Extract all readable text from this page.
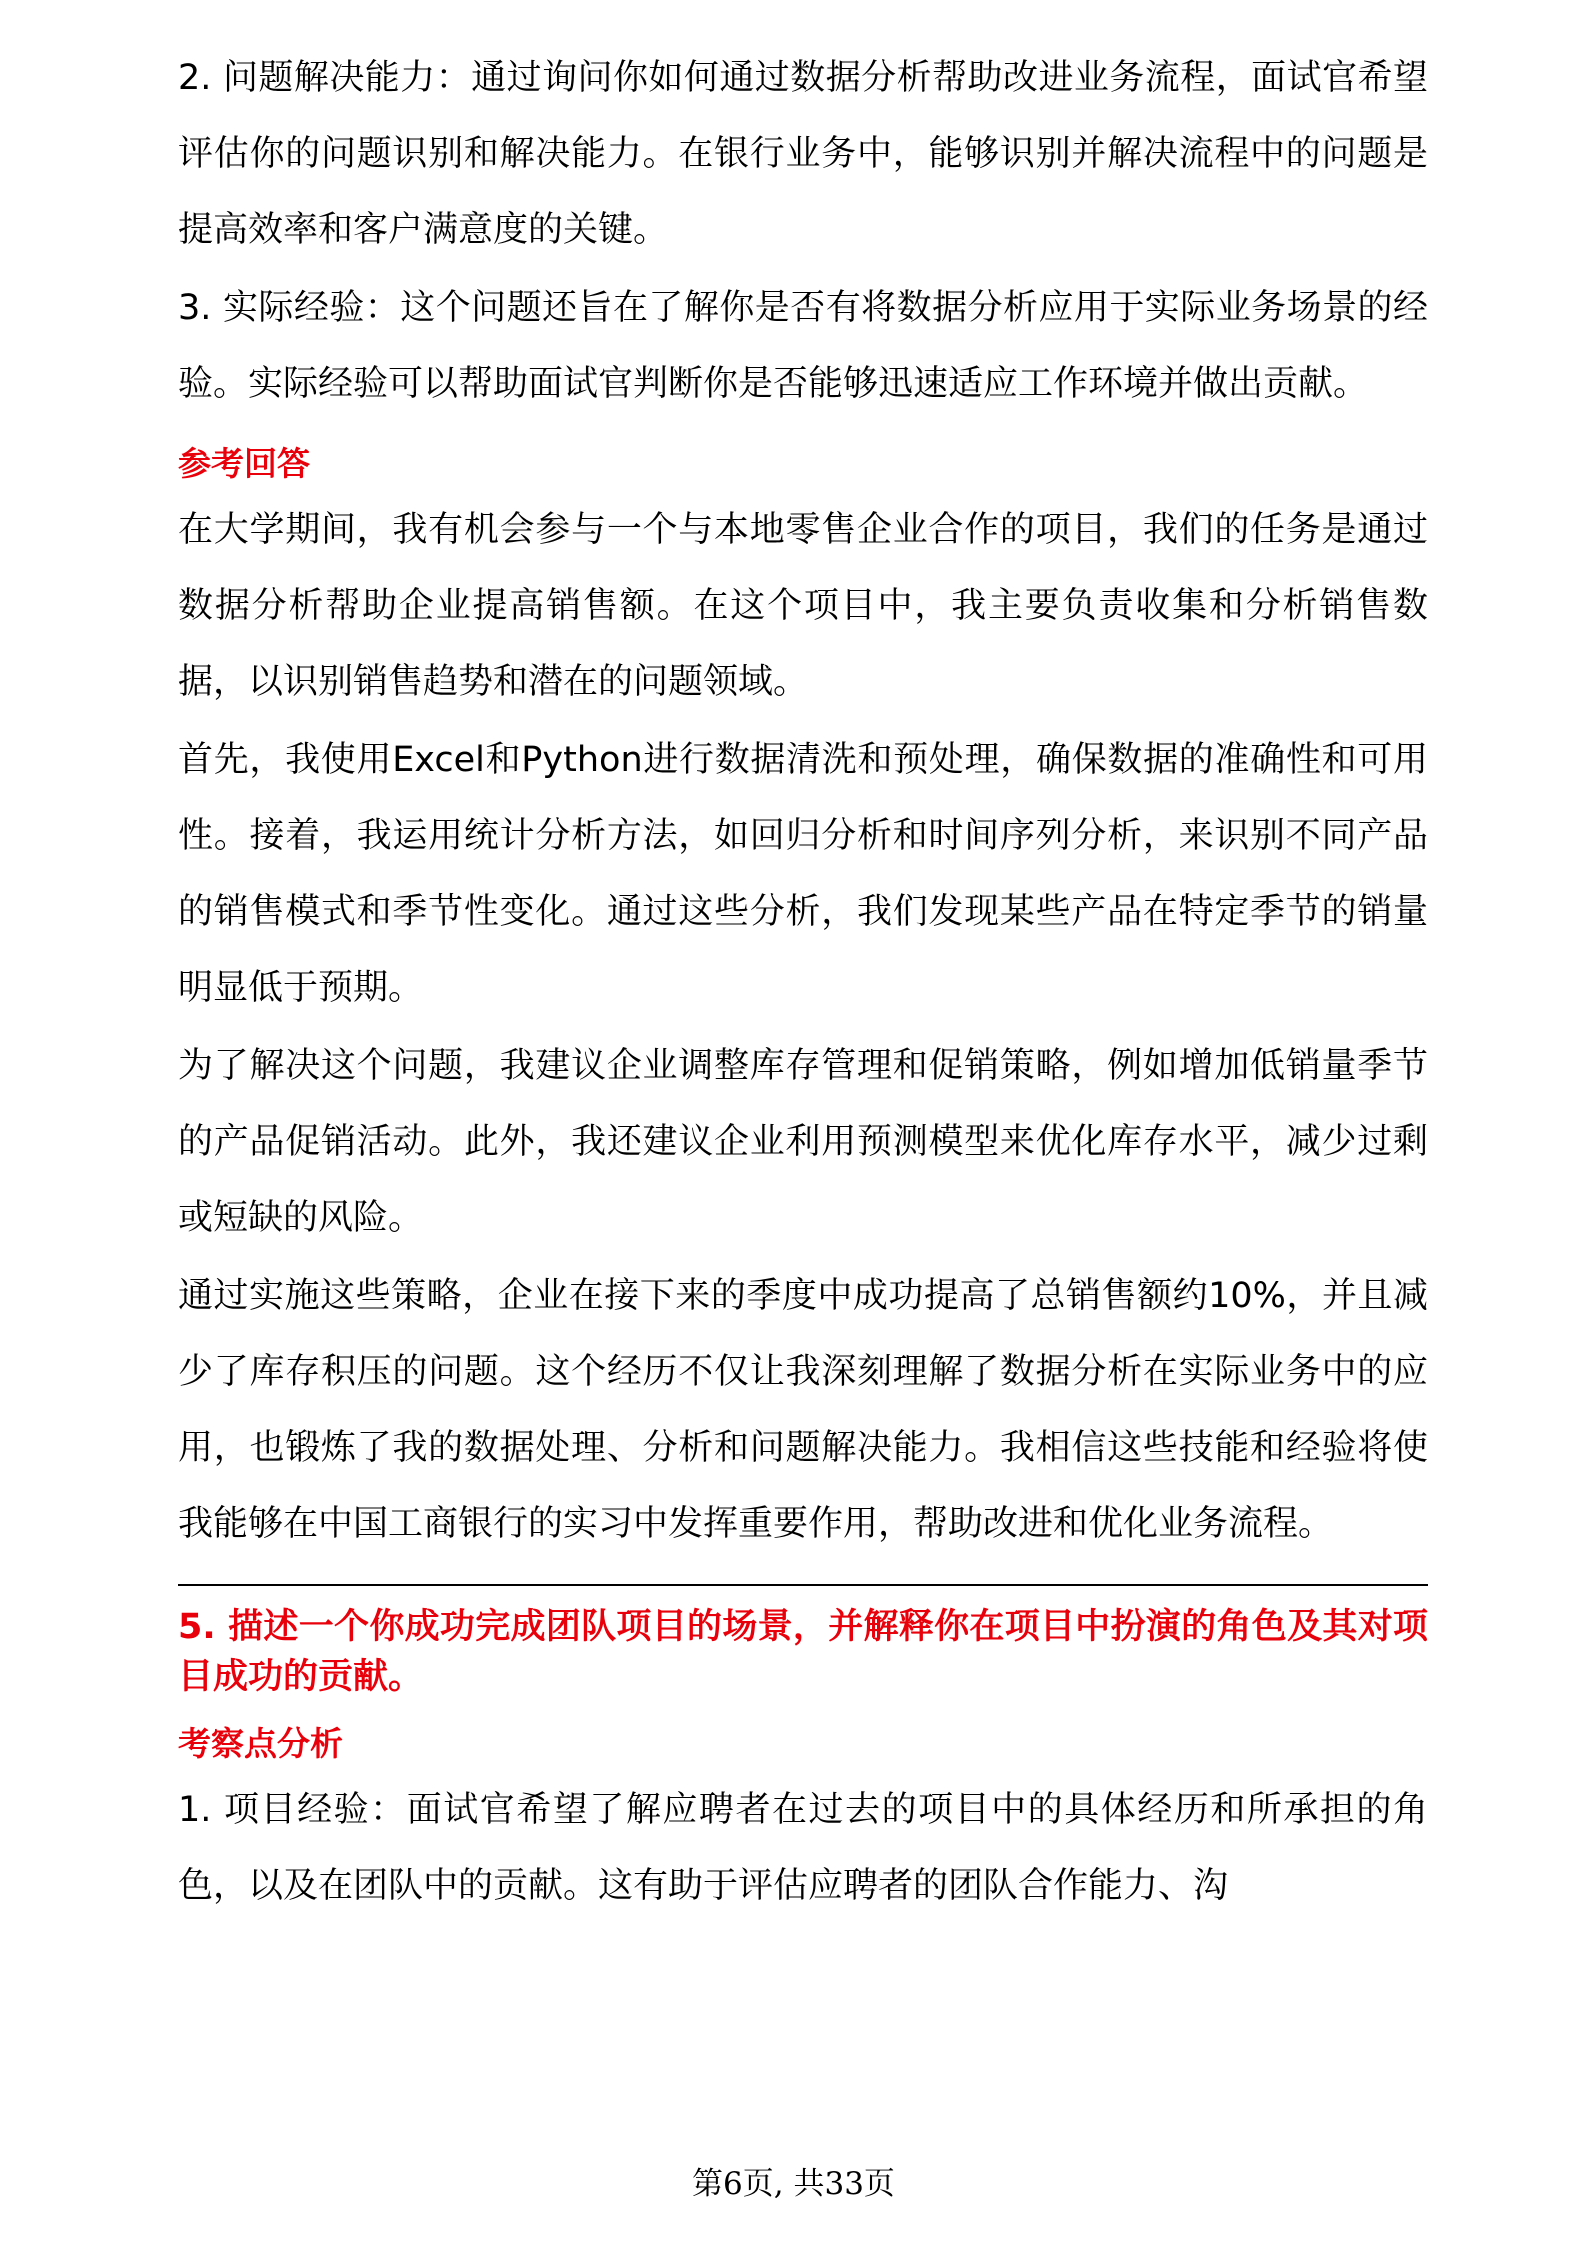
2. 问题解决能力：通过询问你如何通过数据分析帮助改进业务流程，面试官希望评估你的问题识别和解决能力。在银行业务中，能够识别并解决流程中的问题是提高效率和客户满意度的关键。

3. 实际经验：这个问题还旨在了解你是否有将数据分析应用于实际业务场景的经验。实际经验可以帮助面试官判断你是否能够迅速适应工作环境并做出贡献。

参考回答

在大学期间，我有机会参与一个与本地零售企业合作的项目，我们的任务是通过数据分析帮助企业提高销售额。在这个项目中，我主要负责收集和分析销售数据，以识别销售趋势和潜在的问题领域。

首先，我使用Excel和Python进行数据清洗和预处理，确保数据的准确性和可用性。接着，我运用统计分析方法，如回归分析和时间序列分析，来识别不同产品的销售模式和季节性变化。通过这些分析，我们发现某些产品在特定季节的销量明显低于预期。

为了解决这个问题，我建议企业调整库存管理和促销策略，例如增加低销量季节的产品促销活动。此外，我还建议企业利用预测模型来优化库存水平，减少过剩或短缺的风险。

通过实施这些策略，企业在接下来的季度中成功提高了总销售额约10%，并且减少了库存积压的问题。这个经历不仅让我深刻理解了数据分析在实际业务中的应用，也锻炼了我的数据处理、分析和问题解决能力。我相信这些技能和经验将使我能够在中国工商银行的实习中发挥重要作用，帮助改进和优化业务流程。

5. 描述一个你成功完成团队项目的场景，并解释你在项目中扮演的角色及其对项目成功的贡献。
考察点分析

1. 项目经验：面试官希望了解应聘者在过去的项目中的具体经历和所承担的角色，以及在团队中的贡献。这有助于评估应聘者的团队合作能力、沟

第6页, 共33页
